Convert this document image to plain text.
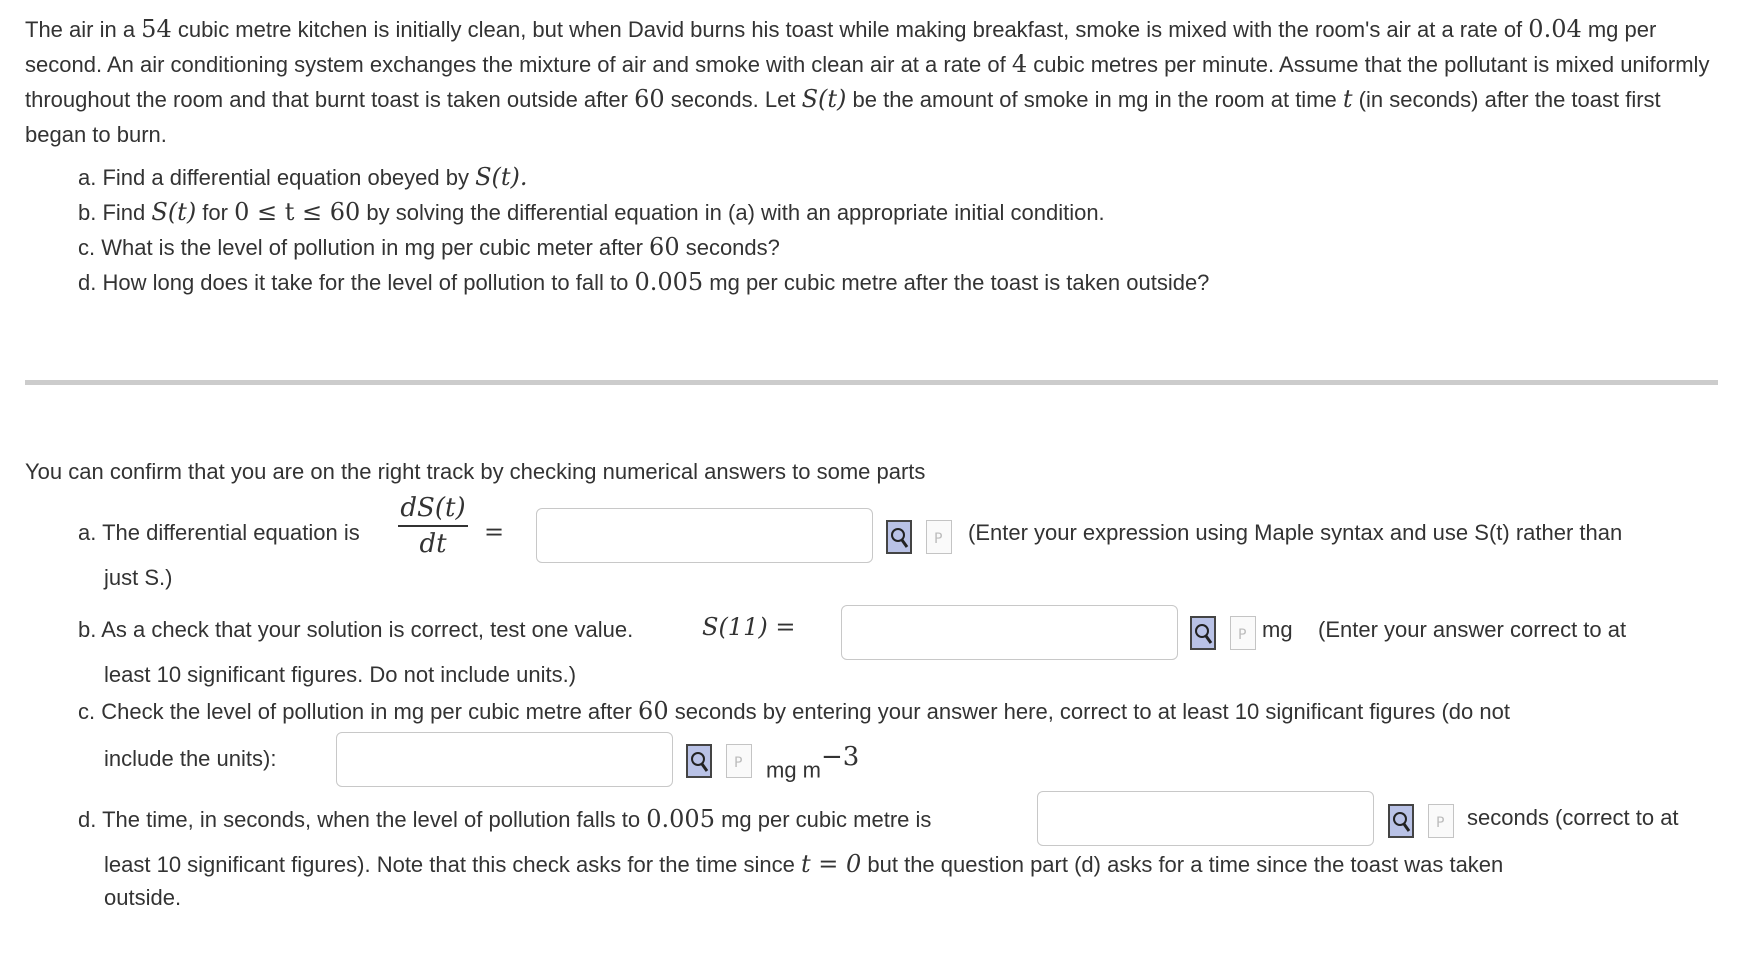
The air in a 54 cubic metre kitchen is initially clean, but when David burns his toast while making breakfast, smoke is mixed with the room's air at a rate of 0.04 mg per second. An air conditioning system exchanges the mixture of air and smoke with clean air at a rate of 4 cubic metres per minute. Assume that the pollutant is mixed uniformly throughout the room and that burnt toast is taken outside after 60 seconds. Let S(t) be the amount of smoke in mg in the room at time t (in seconds) after the toast first began to burn.

a. Find a differential equation obeyed by S(t).
b. Find S(t) for 0 ≤ t ≤ 60 by solving the differential equation in (a) with an appropriate initial condition.
c. What is the level of pollution in mg per cubic meter after 60 seconds?
d. How long does it take for the level of pollution to fall to 0.005 mg per cubic metre after the toast is taken outside?
You can confirm that you are on the right track by checking numerical answers to some parts
a. The differential equation is
dS(t)
dt	=	P (Enter your expression using Maple syntax and use S(t) rather than
just S.)
b. As a check that your solution is correct, test one value.	S(11) =	P mg (Enter your answer correct to at
least 10 significant figures. Do not include units.)
c. Check the level of pollution in mg per cubic metre after 60 seconds by entering your answer here, correct to at least 10 significant figures (do not
include the units):	P mg $m^{-3}$
d. The time, in seconds, when the level of pollution falls to 0.005 mg per cubic metre is	P seconds (correct to at
least 10 significant figures). Note that this check asks for the time since t = 0 but the question part (d) asks for a time since the toast was taken
outside.
